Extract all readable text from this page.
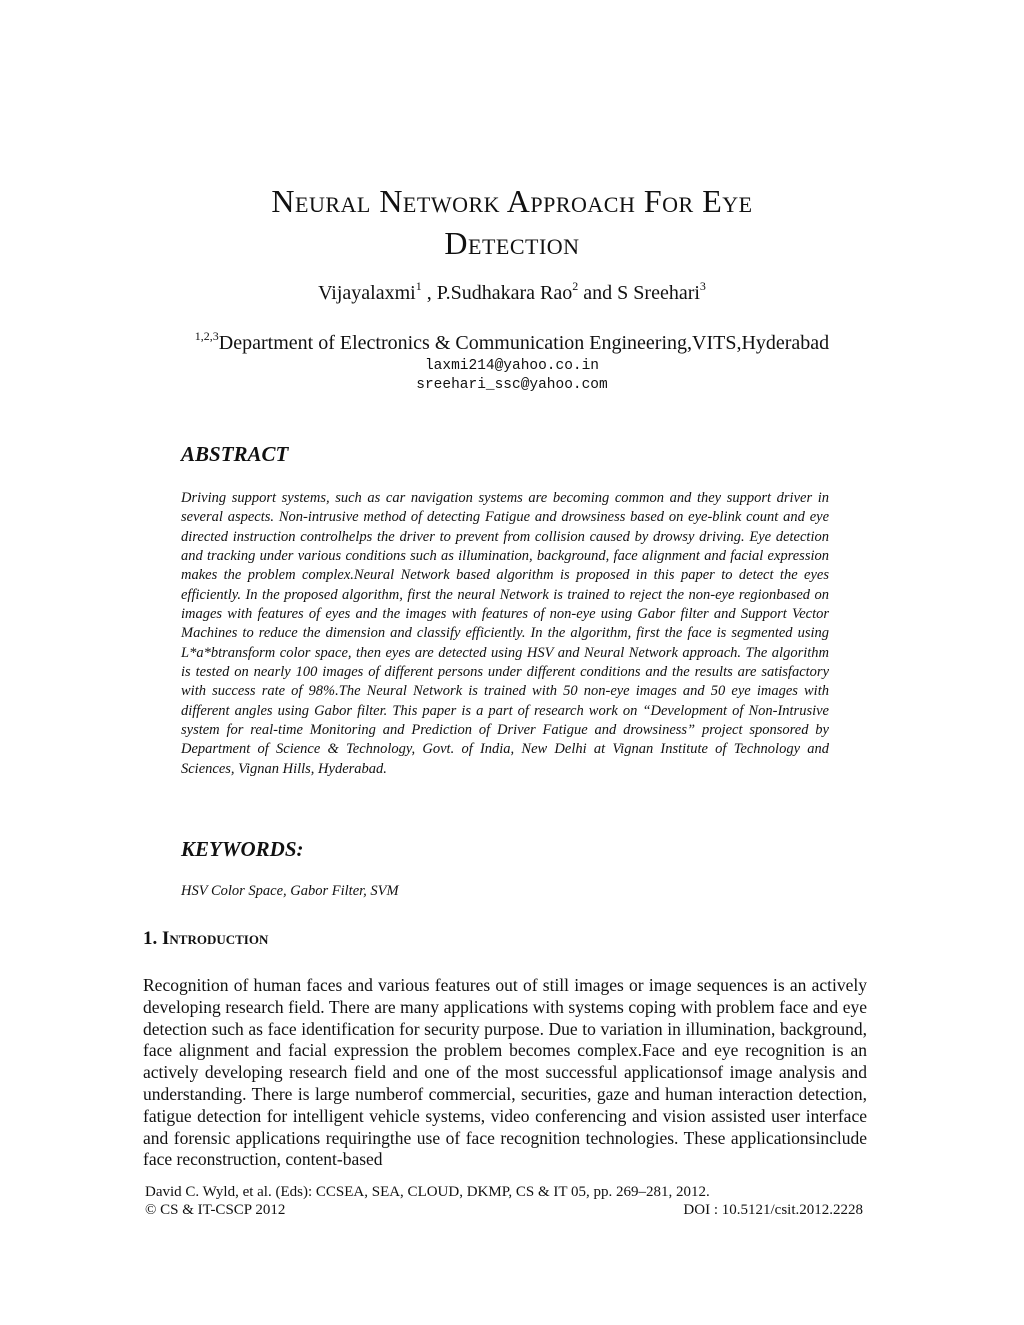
Neural Network Approach For Eye
Detection
Vijayalaxmi$^1$ , P.Sudhakara Rao$^2$ and S Sreehari$^3$
$^{1,2,3}$Department of Electronics & Communication Engineering,VITS,Hyderabad
laxmi214@yahoo.co.in
sreehari_ssc@yahoo.com
ABSTRACT

Driving support systems, such as car navigation systems are becoming common and they support driver in several aspects. Non-intrusive method of detecting Fatigue and drowsiness based on eye-blink count and eye directed instruction controlhelps the driver to prevent from collision caused by drowsy driving. Eye detection and tracking under various conditions such as illumination, background, face alignment and facial expression makes the problem complex.Neural Network based algorithm is proposed in this paper to detect the eyes efficiently. In the proposed algorithm, first the neural Network is trained to reject the non-eye regionbased on images with features of eyes and the images with features of non-eye using Gabor filter and Support Vector Machines to reduce the dimension and classify efficiently. In the algorithm, first the face is segmented using L*a*btransform color space, then eyes are detected using HSV and Neural Network approach. The algorithm is tested on nearly 100 images of different persons under different conditions and the results are satisfactory with success rate of 98%.The Neural Network is trained with 50 non-eye images and 50 eye images with different angles using Gabor filter. This paper is a part of research work on “Development of Non-Intrusive system for real-time Monitoring and Prediction of Driver Fatigue and drowsiness” project sponsored by Department of Science & Technology, Govt. of India, New Delhi at Vignan Institute of Technology and Sciences, Vignan Hills, Hyderabad.

KEYWORDS:
HSV Color Space, Gabor Filter, SVM
1. Introduction

Recognition of human faces and various features out of still images or image sequences is an actively developing research field. There are many applications with systems coping with problem face and eye detection such as face identification for security purpose. Due to variation in illumination, background, face alignment and facial expression the problem becomes complex.Face and eye recognition is an actively developing research field and one of the most successful applicationsof image analysis and understanding. There is large numberof commercial, securities, gaze and human interaction detection, fatigue detection for intelligent vehicle systems, video conferencing and vision assisted user interface and forensic applications requiringthe use of face recognition technologies. These applicationsinclude face reconstruction, content-based

David C. Wyld, et al. (Eds): CCSEA, SEA, CLOUD, DKMP, CS & IT 05, pp. 269–281, 2012.
© CS & IT-CSCP 2012	DOI : 10.5121/csit.2012.2228
